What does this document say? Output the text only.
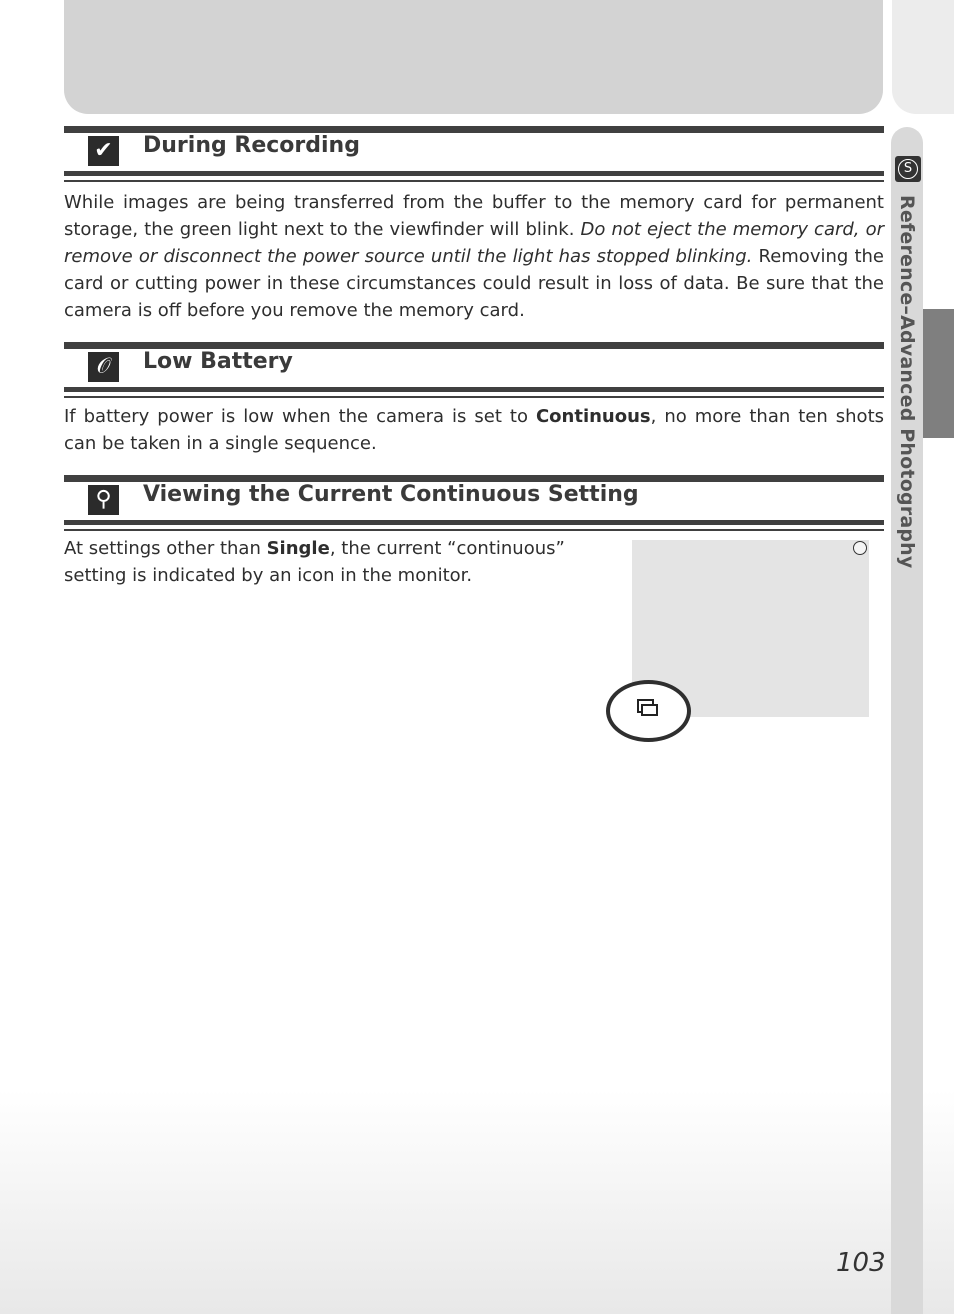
S
Reference–Advanced Photography
✔ During Recording
While images are being transferred from the buffer to the memory card for permanent storage, the green light next to the viewfinder will blink. Do not eject the memory card, or remove or disconnect the power source until the light has stopped blinking. Removing the card or cutting power in these circumstances could result in loss of data. Be sure that the camera is off before you remove the memory card.
𝒪	Low Battery
If battery power is low when the camera is set to Continuous, no more than ten shots can be taken in a single sequence.
⚲	Viewing the Current Continuous Setting
At settings other than Single, the current “continuous” setting is indicated by an icon in the monitor.
103
